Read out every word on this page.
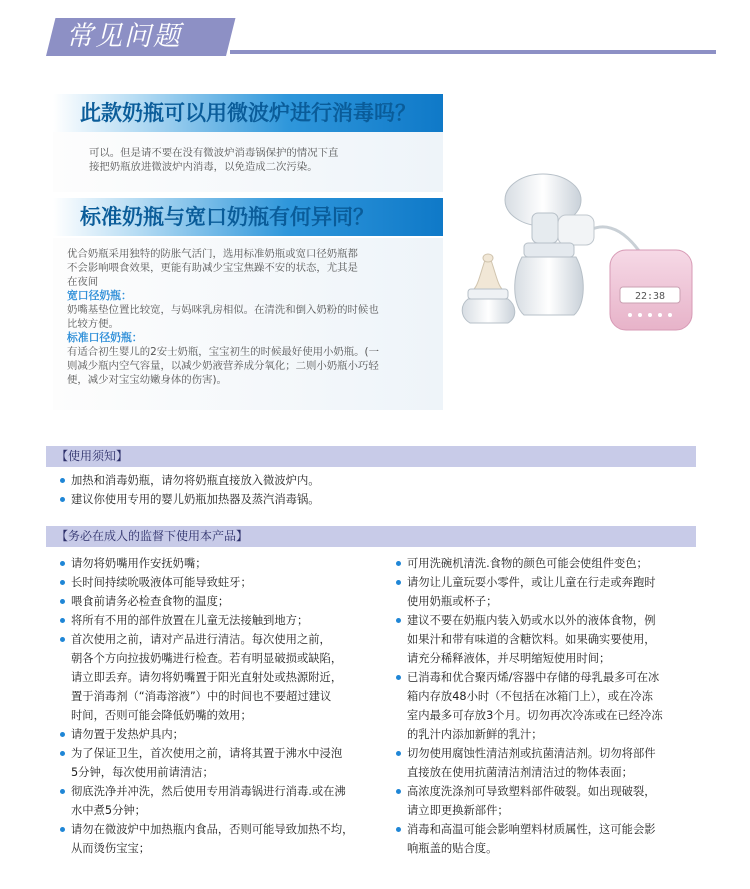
常见问题
此款奶瓶可以用微波炉进行消毒吗？
可以。但是请不要在没有微波炉消毒锅保护的情况下直
接把奶瓶放进微波炉内消毒，以免造成二次污染。
标准奶瓶与宽口奶瓶有何异同？
优合奶瓶采用独特的防胀气活门，选用标准奶瓶或宽口径奶瓶都
不会影响喂食效果，更能有助减少宝宝焦躁不安的状态，尤其是
在夜间
宽口径奶瓶：
奶嘴基垫位置比较宽，与妈咪乳房相似。在清洗和倒入奶粉的时候也
比较方便。
标准口径奶瓶：
有适合初生婴儿的2安士奶瓶，宝宝初生的时候最好使用小奶瓶。(一
则减少瓶内空气容量，以减少奶液营养成分氧化；二则小奶瓶小巧轻
便，减少对宝宝幼嫩身体的伤害)。
22:38
【使用须知】
加热和消毒奶瓶，请勿将奶瓶直接放入微波炉内。
建议你使用专用的婴儿奶瓶加热器及蒸汽消毒锅。
【务必在成人的监督下使用本产品】
请勿将奶嘴用作安抚奶嘴；
长时间持续吮吸液体可能导致蛀牙；
喂食前请务必检查食物的温度；
将所有不用的部件放置在儿童无法接触到地方；
首次使用之前，请对产品进行清洁。每次使用之前，
朝各个方向拉拔奶嘴进行检查。若有明显破损或缺陷，
请立即丢弃。请勿将奶嘴置于阳光直射处或热源附近，
置于消毒剂（“消毒溶液”）中的时间也不要超过建议
时间，否则可能会降低奶嘴的效用；
请勿置于发热炉具内；
为了保证卫生，首次使用之前，请将其置于沸水中浸泡
5分钟，每次使用前请清洁；
彻底洗净并冲洗，然后使用专用消毒锅进行消毒.或在沸
水中煮5分钟；
请勿在微波炉中加热瓶内食品，否则可能导致加热不均，
从而烫伤宝宝；
可用洗碗机清洗.食物的颜色可能会使组件变色；
请勿让儿童玩耍小零件，或让儿童在行走或奔跑时
使用奶瓶或杯子；
建议不要在奶瓶内装入奶或水以外的液体食物，例
如果汁和带有味道的含糖饮料。如果确实要使用，
请充分稀释液体，并尽明缩短使用时间；
已消毒和优合聚丙烯/容器中存储的母乳最多可在冰
箱内存放48小时（不包括在冰箱门上），或在冷冻
室内最多可存放3个月。切勿再次冷冻或在已经冷冻
的乳汁内添加新鲜的乳汁；
切勿使用腐蚀性清洁剂或抗菌清洁剂。切勿将部件
直接放在使用抗菌清洁剂清洁过的物体表面；
高浓度洗涤剂可导致塑料部件破裂。如出现破裂，
请立即更换新部件；
消毒和高温可能会影响塑料材质属性，这可能会影
响瓶盖的贴合度。
